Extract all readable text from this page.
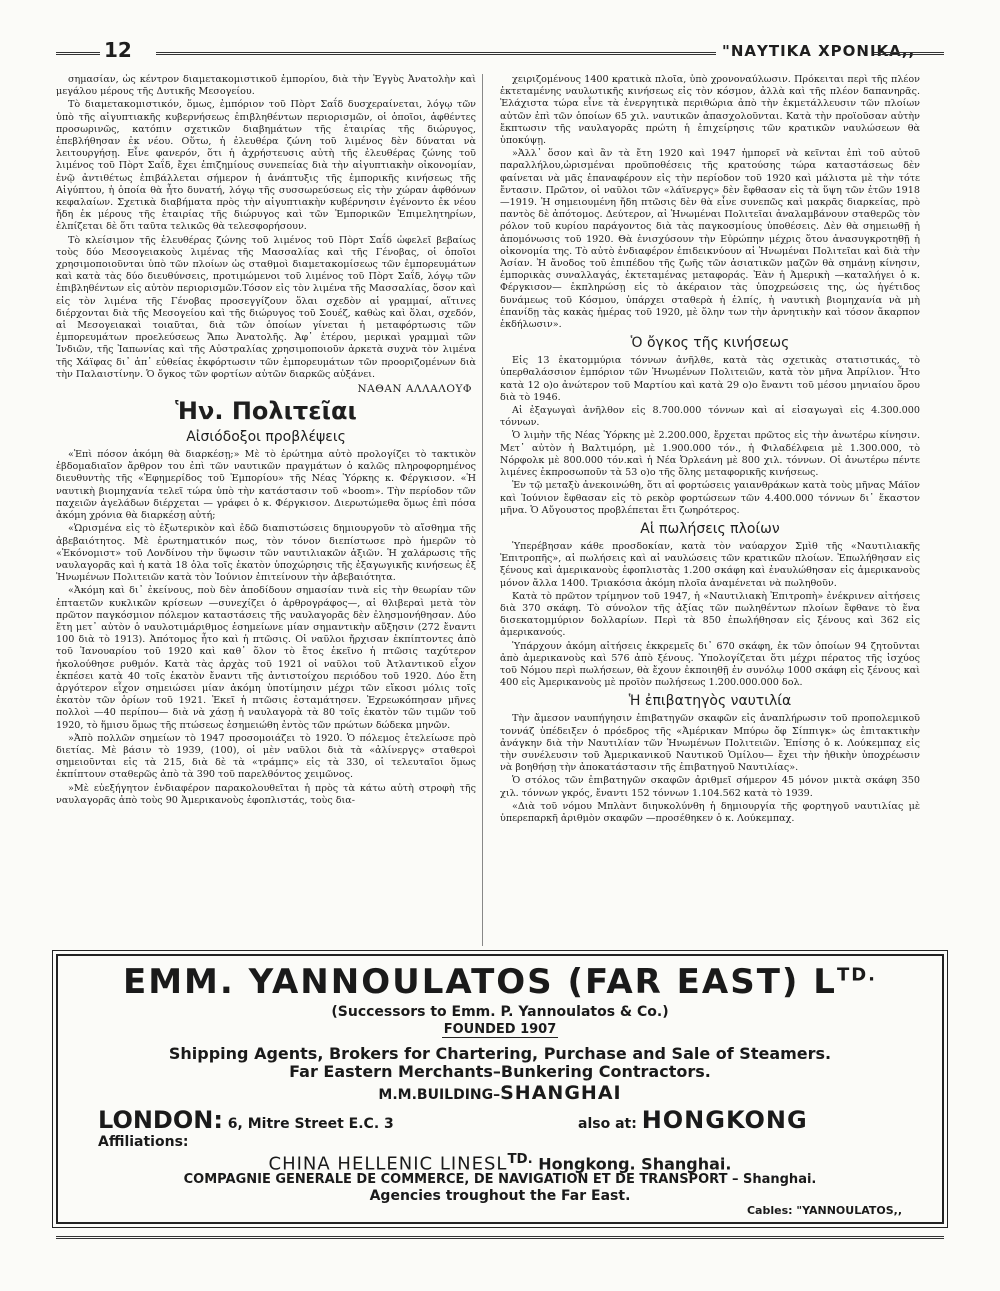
12	"ΝΑΥΤΙΚΑ ΧΡΟΝΙΚΑ,,

σημασίαν, ὡς κέντρον διαμετακομιστικοῦ ἐμπορίου, διὰ τὴν Ἐγγὺς Ἀνατολὴν καὶ μεγάλου μέρους τῆς Δυτικῆς Μεσογείου.

Τὸ διαμετακομιστικόν, ὅμως, ἐμπόριον τοῦ Πὸρτ Σαΐδ δυσχεραίνεται, λόγῳ τῶν ὑπὸ τῆς αἰγυπτιακῆς κυβερνήσεως ἐπιβληθέντων περιορισμῶν, οἱ ὁποῖοι, ἀφθέντες προσωρινῶς, κατόπιν σχετικῶν διαβημάτων τῆς ἑταιρίας τῆς διώρυγος, ἐπεβλήθησαν ἐκ νέου. Οὕτω, ἡ ἐλευθέρα ζώνη τοῦ λιμένος δὲν δύναται νὰ λειτουργήσῃ. Εἶνε φανερόν, ὅτι ἡ ἀχρήστευσις αὐτὴ τῆς ἐλευθέρας ζώνης τοῦ λιμένος τοῦ Πὸρτ Σαΐδ, ἔχει ἐπιζημίους συνεπείας διὰ τὴν αἰγυπτιακὴν οἰκονομίαν, ἐνῷ ἀντιθέτως ἐπιβάλλεται σήμερον ἡ ἀνάπτυξις τῆς ἐμπορικῆς κινήσεως τῆς Αἰγύπτου, ἡ ὁποία θὰ ἦτο δυνατή, λόγῳ τῆς συσσωρεύσεως εἰς τὴν χώραν ἀφθόνων κεφαλαίων. Σχετικὰ διαβήματα πρὸς τὴν αἰγυπτιακὴν κυβέρνησιν ἐγένοντο ἐκ νέου ἤδη ἐκ μέρους τῆς ἑταιρίας τῆς διώρυγος καὶ τῶν Ἐμπορικῶν Ἐπιμελητηρίων, ἐλπίζεται δὲ ὅτι ταῦτα τελικῶς θὰ τελεσφορήσουν.

Τὸ κλείσιμον τῆς ἐλευθέρας ζώνης τοῦ λιμένος τοῦ Πὸρτ Σαΐδ ὠφελεῖ βεβαίως τοὺς δύο Μεσογειακοὺς λιμένας τῆς Μασσαλίας καὶ τῆς Γένοβας, οἱ ὁποῖοι χρησιμοποιοῦνται ὑπὸ τῶν πλοίων ὡς σταθμοὶ διαμετακομίσεως τῶν ἐμπορευμάτων καὶ κατὰ τὰς δύο διευθύνσεις, προτιμώμενοι τοῦ λιμένος τοῦ Πὸρτ Σαΐδ, λόγῳ τῶν ἐπιβληθέντων εἰς αὐτὸν περιορισμῶν.Τόσον εἰς τὸν λιμένα τῆς Μασσαλίας, ὅσον καὶ εἰς τὸν λιμένα τῆς Γένοβας προσεγγίζουν ὅλαι σχεδὸν αἱ γραμμαί, αἵτινες διέρχονται διὰ τῆς Μεσογείου καὶ τῆς διώρυγος τοῦ Σουέζ, καθὼς καὶ ὅλαι, σχεδόν, αἱ Μεσογειακαὶ τοιαῦται, διὰ τῶν ὁποίων γίνεται ἡ μεταφόρτωσις τῶν ἐμπορευμάτων προελεύσεως Ἄπω Ἀνατολῆς. Ἀφ᾽ ἑτέρου, μερικαὶ γραμμαὶ τῶν Ἰνδιῶν, τῆς Ἰαπωνίας καὶ τῆς Αὐστραλίας χρησιμοποιοῦν ἀρκετὰ συχνὰ τὸν λιμένα τῆς Χάϊφας δι᾽ ἀπ᾽ εὐθείας ἐκφόρτωσιν τῶν ἐμπορευμάτων τῶν προοριζομένων διὰ τὴν Παλαιστίνην. Ὁ ὄγκος τῶν φορτίων αὐτῶν διαρκῶς αὐξάνει.

ΝΑΘΑΝ ΑΛΛΑΛΟΥΦ
Ἡν. Πολιτεῖαι
Αἰσιόδοξοι προβλέψεις

«Ἐπὶ πόσον ἀκόμη θὰ διαρκέσῃ;» Μὲ τὸ ἐρώτημα αὐτὸ προλογίζει τὸ τακτικὸν ἑβδομαδιαῖον ἄρθρον του ἐπὶ τῶν ναυτικῶν πραγμάτων ὁ καλῶς πληροφορημένος διευθυντὴς τῆς «Ἐφημερίδος τοῦ Ἐμπορίου» τῆς Νέας Ὑόρκης κ. Φέργκισον. «Ἡ ναυτικὴ βιομηχανία τελεῖ τώρα ὑπὸ τὴν κατάστασιν τοῦ «boom». Τὴν περίοδον τῶν παχειῶν ἀγελάδων διέρχεται — γράφει ὁ κ. Φέργκισον. Διερωτώμεθα ὅμως ἐπὶ πόσα ἀκόμη χρόνια θὰ διαρκέσῃ αὐτή;

«Ὡρισμένα εἰς τὸ ἐξωτερικὸν καὶ ἐδῶ διαπιστώσεις δημιουργοῦν τὸ αἴσθημα τῆς ἀβεβαιότητος. Μὲ ἐρωτηματικόν πως, τὸν τόνον διεπίστωσε πρὸ ἡμερῶν τὸ «Ἐκόνομιστ» τοῦ Λονδίνου τὴν ὕψωσιν τῶν ναυτιλιακῶν ἀξιῶν. Ἡ χαλάρωσις τῆς ναυλαγορᾶς καὶ ἡ κατὰ 18 ὀλα τοῖς ἑκατὸν ὑποχώρησις τῆς ἐξαγωγικῆς κινήσεως ἐξ Ἡνωμένων Πολιτειῶν κατὰ τὸν Ἰούνιον ἐπιτείνουν τὴν ἀβεβαιότητα.

«Ἀκόμη καὶ δι᾽ ἐκείνους, ποὺ δὲν ἀποδίδουν σημασίαν τινὰ εἰς τὴν θεωρίαν τῶν ἑπταετῶν κυκλικῶν κρίσεων —συνεχίζει ὁ ἀρθρογράφος—, αἱ θλιβεραὶ μετὰ τὸν πρῶτον παγκόσμιον πόλεμον καταστάσεις τῆς ναυλαγορᾶς δὲν ἐλησμονήθησαν. Δύο ἔτη μετ᾽ αὐτὸν ὁ ναυλοτιμάριθμος ἐσημείωνε μίαν σημαντικὴν αὔξησιν (272 ἔναντι 100 διὰ τὸ 1913). Ἀπότομος ἦτο καὶ ἡ πτῶσις. Οἱ ναῦλοι ἤρχισαν ἐκπίπτοντες ἀπὸ τοῦ Ἰανουαρίου τοῦ 1920 καὶ καθ᾽ ὅλον τὸ ἔτος ἐκεῖνο ἡ πτῶσις ταχύτερον ἠκολούθησε ρυθμόν. Κατὰ τὰς ἀρχὰς τοῦ 1921 οἱ ναῦλοι τοῦ Ἀτλαντικοῦ εἶχον ἐκπέσει κατὰ 40 τοῖς ἑκατὸν ἔναντι τῆς ἀντιστοίχου περιόδου τοῦ 1920. Δύο ἔτη ἀργότερον εἶχον σημειώσει μίαν ἀκόμη ὑποτίμησιν μέχρι τῶν εἴκοσι μόλις τοῖς ἑκατὸν τῶν ὁρίων τοῦ 1921. Ἐκεῖ ἡ πτῶσις ἐσταμάτησεν. Ἐχρεωκόπησαν μῆνες πολλοὶ —40 περίπου— διὰ νὰ χάσῃ ἡ ναυλαγορὰ τὰ 80 τοῖς ἑκατὸν τῶν τιμῶν τοῦ 1920, τὸ ἥμισυ ὅμως τῆς πτώσεως ἐσημειώθη ἐντὸς τῶν πρώτων δώδεκα μηνῶν.

»Ἀπὸ πολλῶν σημείων τὸ 1947 προσομοιάζει τὸ 1920. Ὁ πόλεμος ἐτελείωσε πρὸ διετίας. Μὲ βάσιν τὸ 1939, (100), οἱ μὲν ναῦλοι διὰ τὰ «ἀλίνεργς» σταθεροὶ σημειοῦνται εἰς τὰ 215, διὰ δὲ τὰ «τράμπς» εἰς τὰ 330, οἱ τελευταῖοι ὅμως ἐκπίπτουν σταθερῶς ἀπὸ τὰ 390 τοῦ παρελθόντος χειμῶνος.

»Μὲ εὐεξήγητον ἐνδιαφέρον παρακολουθεῖται ἡ πρὸς τὰ κάτω αὐτὴ στροφὴ τῆς ναυλαγορᾶς ἀπὸ τοὺς 90 Ἀμερικανοὺς ἐφοπλιστάς, τοὺς δια-

χειριζομένους 1400 κρατικὰ πλοῖα, ὑπὸ χρονοναύλωσιν. Πρόκειται περὶ τῆς πλέον ἐκτεταμένης ναυλωτικῆς κινήσεως εἰς τὸν κόσμον, ἀλλὰ καὶ τῆς πλέον δαπανηρᾶς. Ἐλάχιστα τώρα εἶνε τὰ ἐνεργητικὰ περιθώρια ἀπὸ τὴν ἐκμετάλλευσιν τῶν πλοίων αὐτῶν ἐπὶ τῶν ὁποίων 65 χιλ. ναυτικῶν ἀπασχολοῦνται. Κατὰ τὴν προϊοῦσαν αὐτὴν ἔκπτωσιν τῆς ναυλαγορᾶς πρώτη ἡ ἐπιχείρησις τῶν κρατικῶν ναυλώσεων θὰ ὑποκύψῃ.

»Ἀλλ᾽ ὅσον καὶ ἂν τὰ ἔτη 1920 καὶ 1947 ἠμπορεῖ νὰ κεῖνται ἐπὶ τοῦ αὐτοῦ παραλλήλου,ὡρισμέναι προϋποθέσεις τῆς κρατούσης τώρα καταστάσεως δὲν φαίνεται νὰ μᾶς ἐπαναφέρουν εἰς τὴν περίοδον τοῦ 1920 καὶ μάλιστα μὲ τὴν τότε ἔντασιν. Πρῶτον, οἱ ναῦλοι τῶν «λάϊνεργς» δὲν ἔφθασαν εἰς τὰ ὕψη τῶν ἐτῶν 1918—1919. Ἡ σημειουμένη ἤδη πτῶσις δὲν θὰ εἶνε συνεπῶς καὶ μακρᾶς διαρκείας, πρὸ παντὸς δὲ ἀπότομος. Δεύτερον, αἱ Ἡνωμέναι Πολιτεῖαι ἀναλαμβάνουν σταθερῶς τὸν ρόλον τοῦ κυρίου παράγοντος διὰ τὰς παγκοσμίους ὑποθέσεις. Δὲν θὰ σημειωθῇ ἡ ἀπομόνωσις τοῦ 1920. Θὰ ἐνισχύσουν τὴν Εὐρώπην μέχρις ὅτου ἀνασυγκροτηθῇ ἡ οἰκονομία της. Τὸ αὐτὸ ἐνδιαφέρον ἐπιδεικνύουν αἱ Ἡνωμέναι Πολιτεῖαι καὶ διὰ τὴν Ἀσίαν. Ἡ ἄνοδος τοῦ ἐπιπέδου τῆς ζωῆς τῶν ἀσιατικῶν μαζῶν θὰ σημάνῃ κίνησιν, ἐμπορικὰς συναλλαγάς, ἐκτεταμένας μεταφοράς. Ἐὰν ἡ Ἀμερικὴ —καταλήγει ὁ κ. Φέργκισον— ἐκπληρώσῃ εἰς τὸ ἀκέραιον τὰς ὑποχρεώσεις της, ὡς ἡγέτιδος δυνάμεως τοῦ Κόσμου, ὑπάρχει σταθερὰ ἡ ἐλπίς, ἡ ναυτικὴ βιομηχανία νὰ μὴ ἐπανίδῃ τὰς κακὰς ἡμέρας τοῦ 1920, μὲ ὅλην των τὴν ἀρνητικὴν καὶ τόσον ἄκαρπον ἐκδήλωσιν».

Ὁ ὄγκος τῆς κινήσεως

Εἰς 13 ἑκατομμύρια τόννων ἀνῆλθε, κατὰ τὰς σχετικὰς στατιστικάς, τὸ ὑπερθαλάσσιον ἐμπόριον τῶν Ἡνωμένων Πολιτειῶν, κατὰ τὸν μῆνα Ἀπρίλιον. Ἦτο κατὰ 12 ο)ο ἀνώτερον τοῦ Μαρτίου καὶ κατὰ 29 ο)ο ἔναντι τοῦ μέσου μηνιαίου ὅρου διὰ τὸ 1946.

Αἱ ἐξαγωγαὶ ἀνῆλθον εἰς 8.700.000 τόννων καὶ αἱ εἰσαγωγαὶ εἰς 4.300.000 τόννων.

Ὁ λιμὴν τῆς Νέας Ὑόρκης μὲ 2.200.000, ἔρχεται πρῶτος εἰς τὴν ἀνωτέρω κίνησιν. Μετ᾽ αὐτὸν ἡ Βαλτιμόρη, μὲ 1.900.000 τόν., ἡ Φιλαδέλφεια μὲ 1.300.000, τὸ Νόρφολκ μὲ 800.000 τόν.καὶ ἡ Νέα Ὀρλεάνη μὲ 800 χιλ. τόννων. Οἱ ἀνωτέρω πέντε λιμένες ἐκπροσωποῦν τὰ 53 ο)ο τῆς ὅλης μεταφορικῆς κινήσεως.

Ἐν τῷ μεταξὺ ἀνεκοινώθη, ὅτι αἱ φορτώσεις γαιανθράκων κατὰ τοὺς μῆνας Μάϊον καὶ Ἰούνιον ἔφθασαν εἰς τὸ ρεκὸρ φορτώσεων τῶν 4.400.000 τόννων δι᾽ ἕκαστον μῆνα. Ὁ Αὔγουστος προβλέπεται ἔτι ζωηρότερος.

Αἱ πωλήσεις πλοίων

Ὑπερέβησαν κάθε προσδοκίαν, κατὰ τὸν ναύαρχον Σμὶθ τῆς «Ναυτιλιακῆς Ἐπιτροπῆς», αἱ πωλήσεις καὶ αἱ ναυλώσεις τῶν κρατικῶν πλοίων. Ἐπωλήθησαν εἰς ξένους καὶ ἀμερικανοὺς ἐφοπλιστὰς 1.200 σκάφη καὶ ἐναυλώθησαν εἰς ἀμερικανοὺς μόνον ἄλλα 1400. Τριακόσια ἀκόμη πλοῖα ἀναμένεται νὰ πωληθοῦν.

Κατὰ τὸ πρῶτον τρίμηνον τοῦ 1947, ἡ «Ναυτιλιακὴ Ἐπιτροπὴ» ἐνέκρινεν αἰτήσεις διὰ 370 σκάφη. Τὸ σύνολον τῆς ἀξίας τῶν πωληθέντων πλοίων ἔφθανε τὸ ἕνα δισεκατομμύριον δολλαρίων. Περὶ τὰ 850 ἐπωλήθησαν εἰς ξένους καὶ 362 εἰς ἀμερικανούς.

Ὑπάρχουν ἀκόμη αἰτήσεις ἐκκρεμεῖς δι᾽ 670 σκάφη, ἐκ τῶν ὁποίων 94 ζητοῦνται ἀπὸ ἀμερικανοὺς καὶ 576 ἀπὸ ξένους. Ὑπολογίζεται ὅτι μέχρι πέρατος τῆς ἰσχύος τοῦ Νόμου περὶ πωλήσεων, θὰ ἔχουν ἐκποιηθῇ ἐν συνόλῳ 1000 σκάφη εἰς ξένους καὶ 400 εἰς Ἀμερικανοὺς μὲ προϊὸν πωλήσεως 1.200.000.000 δολ.

Ἡ ἐπιβατηγὸς ναυτιλία

Τὴν ἄμεσον ναυπήγησιν ἐπιβατηγῶν σκαφῶν εἰς ἀναπλήρωσιν τοῦ προπολεμικοῦ τοννάζ ὑπέδειξεν ὁ πρόεδρος τῆς «Ἀμέρικαν Μπύρω ὄφ Σίππιγκ» ὡς ἐπιτακτικὴν ἀνάγκην διὰ τὴν Ναυτιλίαν τῶν Ἡνωμένων Πολιτειῶν. Ἐπίσης ὁ κ. Λούκεμπαχ εἰς τὴν συνέλευσιν τοῦ Ἀμερικανικοῦ Ναυτικοῦ Ὁμίλου— ἔχει τὴν ἠθικὴν ὑποχρέωσιν νὰ βοηθήσῃ τὴν ἀποκατάστασιν τῆς ἐπιβατηγοῦ Ναυτιλίας».

Ὁ στόλος τῶν ἐπιβατηγῶν σκαφῶν ἀριθμεῖ σήμερον 45 μόνον μικτὰ σκάφη 350 χιλ. τόννων γκρός, ἔναντι 152 τόννων 1.104.562 κατὰ τὸ 1939.

«Διὰ τοῦ νόμου Μπλὰντ διηυκολύνθη ἡ δημιουργία τῆς φορτηγοῦ ναυτιλίας μὲ ὑπερεπαρκῆ ἀριθμὸν σκαφῶν —προσέθηκεν ὁ κ. Λούκεμπαχ.

EMM. YANNOULATOS (FAR EAST) $L^{TD.}$
(Successors to Emm. P. Yannoulatos & Co.)
FOUNDED 1907
Shipping Agents, Brokers for Chartering, Purchase and Sale of Steamers.
Far Eastern Merchants–Bunkering Contractors.
M.M.BUILDING–SHANGHAI
LONDON: 6, Mitre Street E.C. 3	also at: HONGKONG
Affiliations:
CHINA HELLENIC $LINESL^{TD.}$ Hongkong. Shanghai.
COMPAGNIE GENERALE DE COMMERCE, DE NAVIGATION ET DE TRANSPORT – Shanghai.
Agencies troughout the Far East.
Cables: "YANNOULATOS,,
